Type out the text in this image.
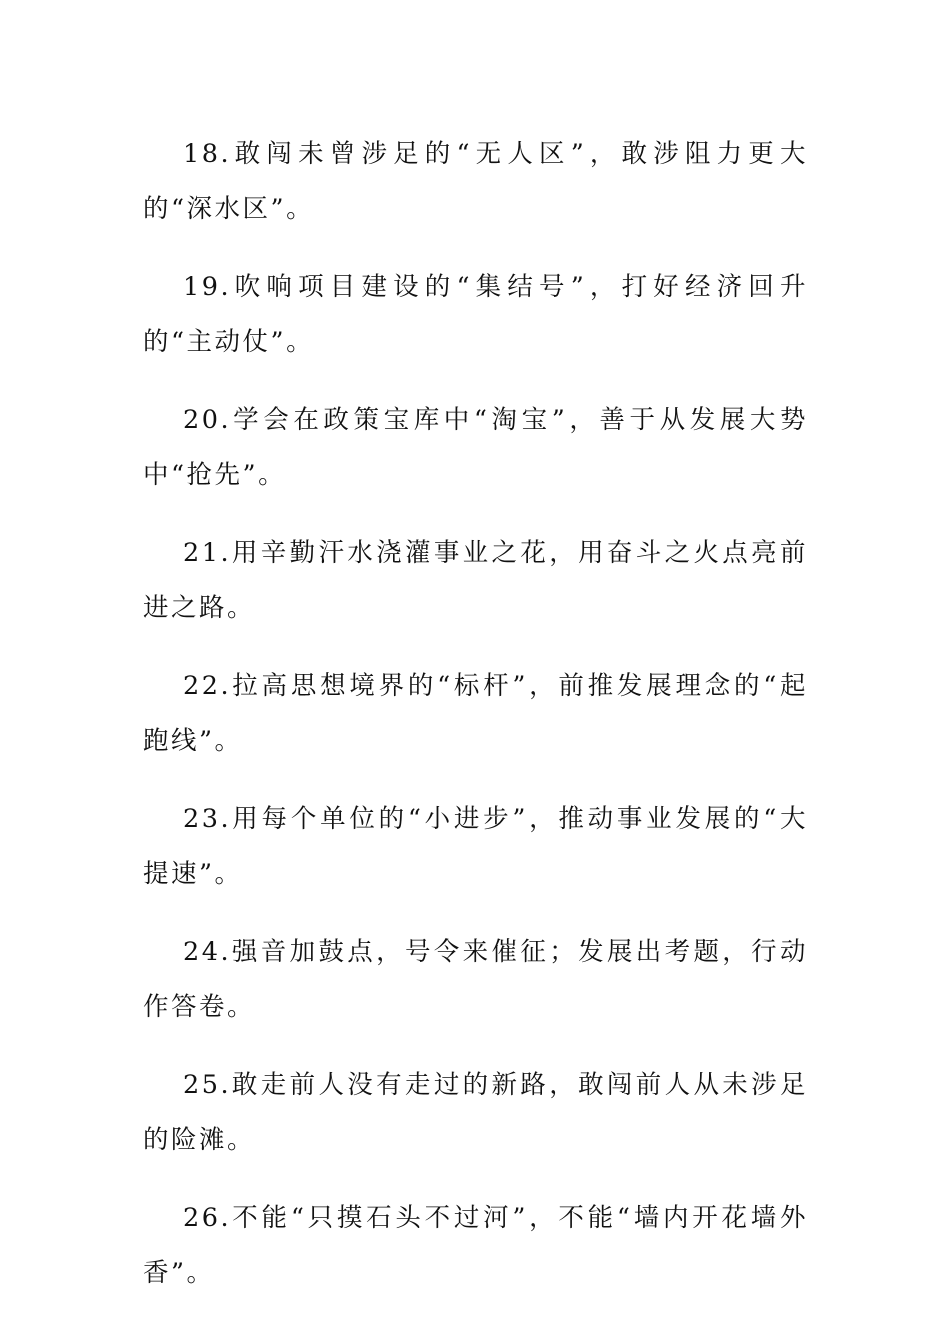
18.敢闯未曾涉足的“无人区”，敢涉阻力更大的“深水区”。

19.吹响项目建设的“集结号”，打好经济回升的“主动仗”。

20.学会在政策宝库中“淘宝”，善于从发展大势中“抢先”。

21.用辛勤汗水浇灌事业之花，用奋斗之火点亮前进之路。

22.拉高思想境界的“标杆”，前推发展理念的“起跑线”。

23.用每个单位的“小进步”，推动事业发展的“大提速”。

24.强音加鼓点，号令来催征；发展出考题，行动作答卷。

25.敢走前人没有走过的新路，敢闯前人从未涉足的险滩。

26.不能“只摸石头不过河”，不能“墙内开花墙外香”。
